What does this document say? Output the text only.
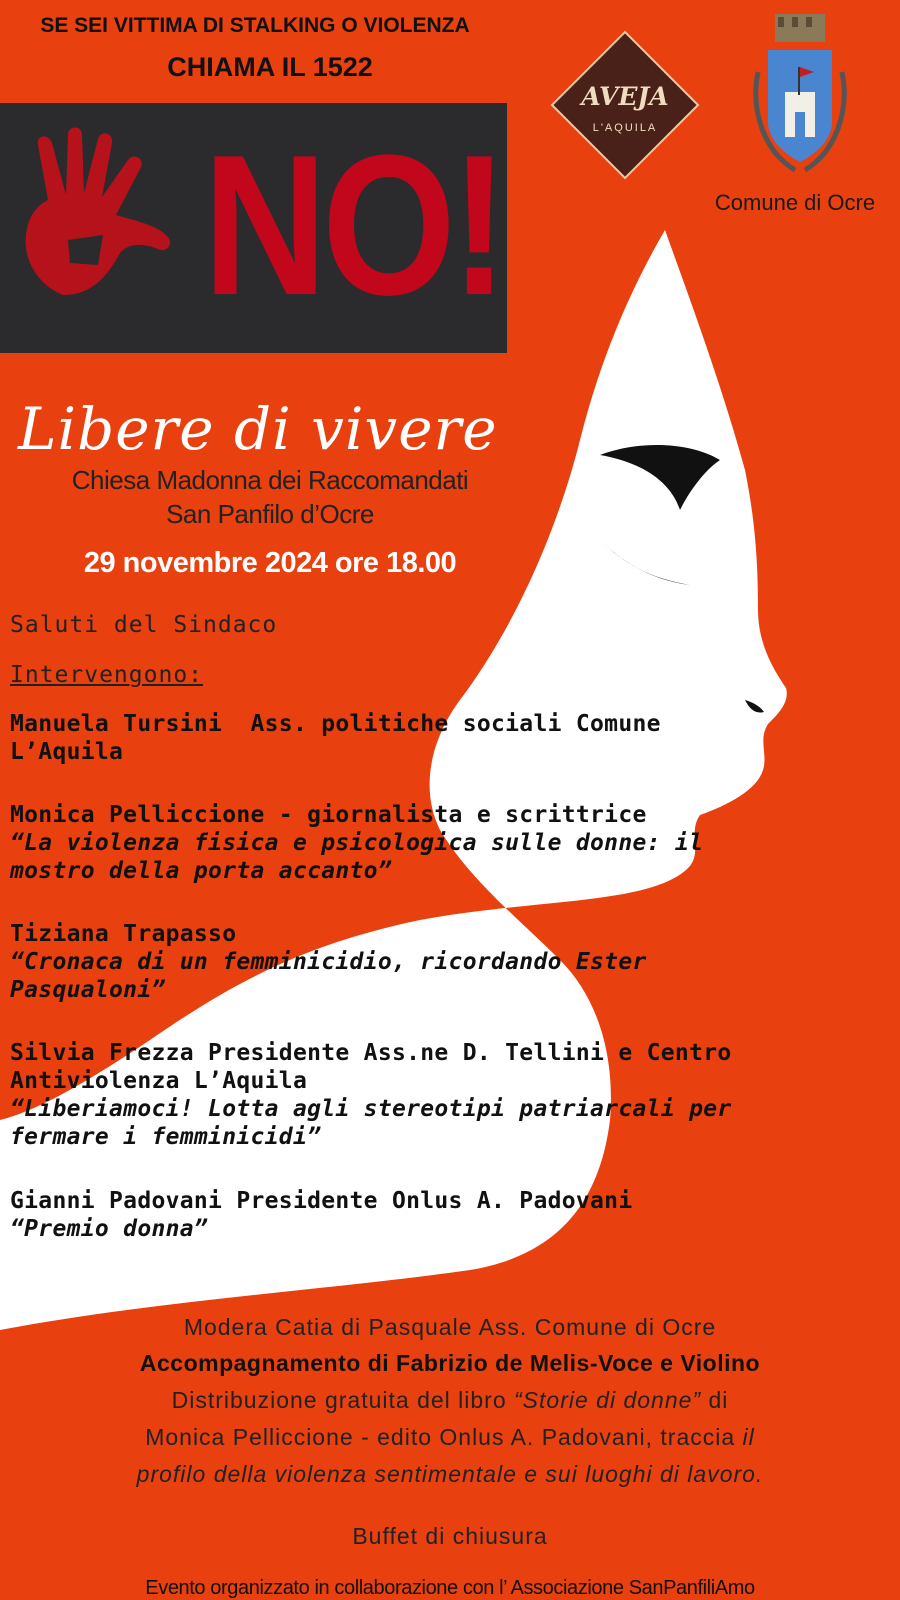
SE SEI VITTIMA DI STALKING O VIOLENZA
CHIAMA IL 1522
NO!
AVEJA
L'AQUILA
Comune di Ocre
Libere di vivere
Chiesa Madonna dei Raccomandati
San Panfilo d’Ocre
29 novembre 2024 ore 18.00
Saluti del Sindaco
Intervengono:
Manuela Tursini  Ass. politiche sociali Comune
L’Aquila
Monica Pelliccione - giornalista e scrittrice
“La violenza fisica e psicologica sulle donne: il
mostro della porta accanto”
Tiziana Trapasso
“Cronaca di un femminicidio, ricordando Ester
Pasqualoni”
Silvia Frezza Presidente Ass.ne D. Tellini e Centro
Antiviolenza L’Aquila
“Liberiamoci! Lotta agli stereotipi patriarcali per
fermare i femminicidi”
Gianni Padovani Presidente Onlus A. Padovani
“Premio donna”
Modera Catia di Pasquale Ass. Comune di Ocre
Accompagnamento di Fabrizio de Melis-Voce e Violino
Distribuzione gratuita del libro “Storie di donne” di
Monica Pelliccione - edito Onlus A. Padovani, traccia il
profilo della violenza sentimentale e sui luoghi di lavoro.
Buffet di chiusura
Evento organizzato in collaborazione con l’ Associazione SanPanfiliAmo
